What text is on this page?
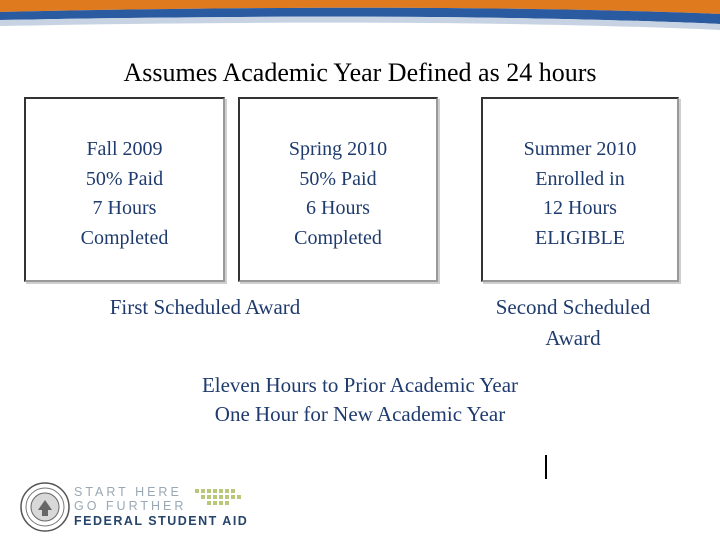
Assumes Academic Year Defined as 24 hours
Fall 2009
50% Paid
7 Hours
Completed
Spring 2010
50% Paid
6 Hours
Completed
Summer 2010
Enrolled in
12 Hours
ELIGIBLE
First Scheduled Award	Second Scheduled
Award
Eleven Hours to Prior Academic Year
One Hour for New Academic Year
START HERE
GO FURTHER
FEDERAL STUDENT AID
